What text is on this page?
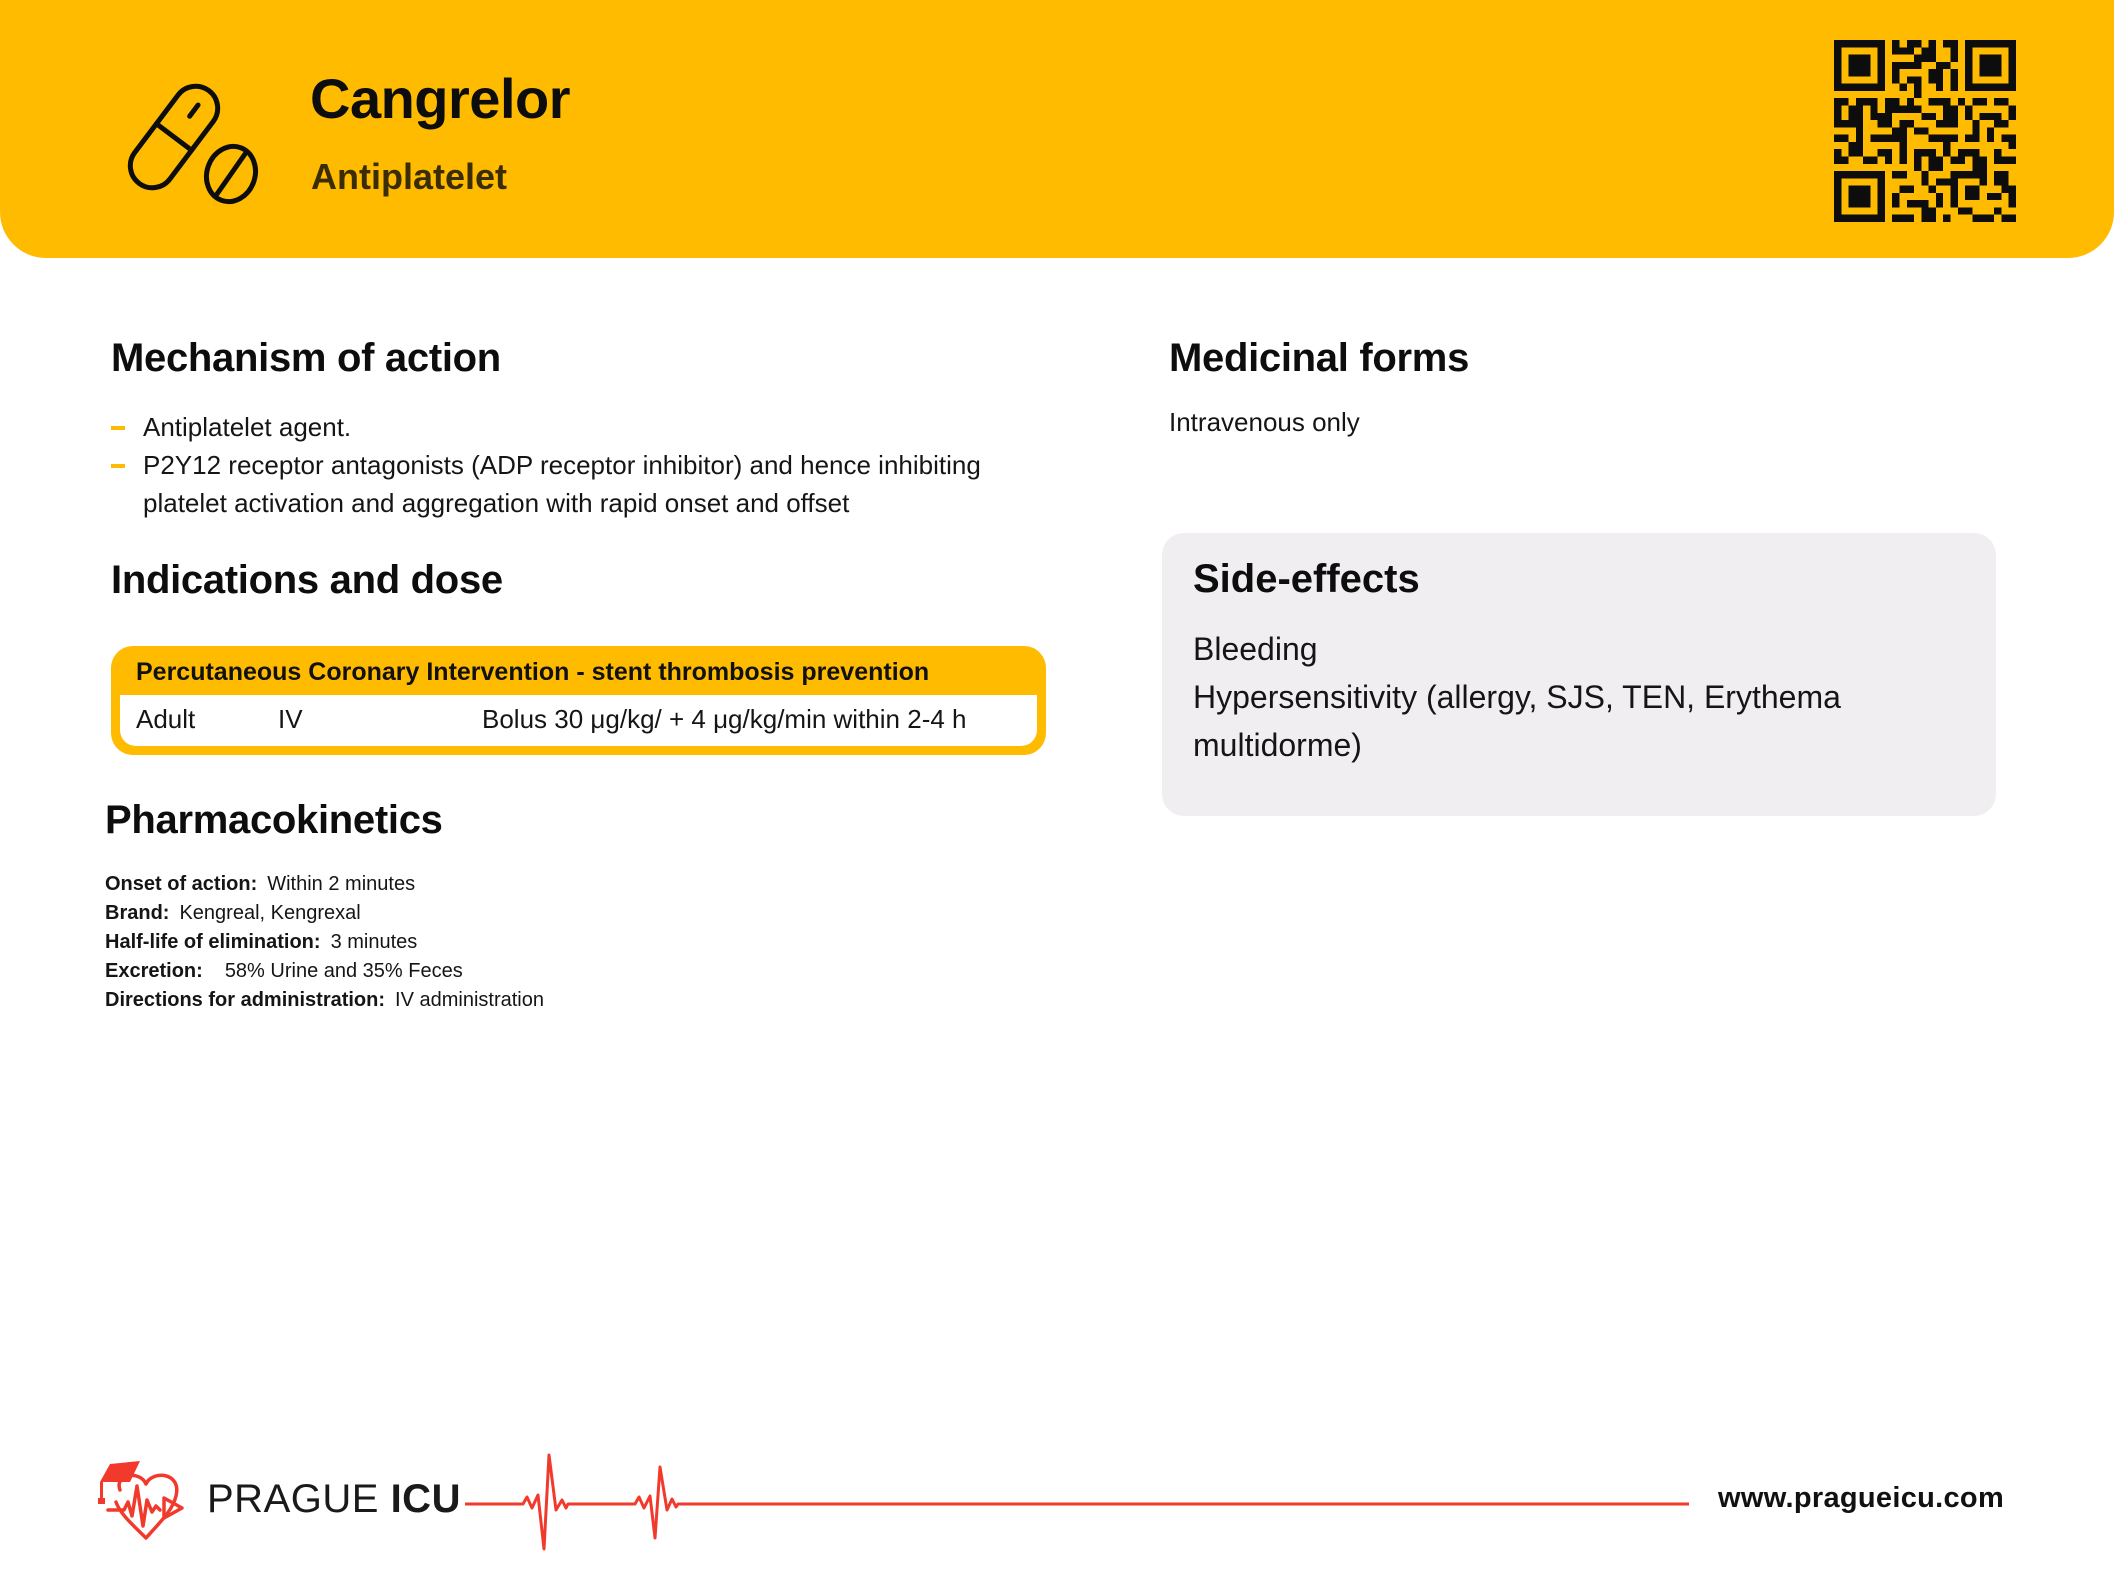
Cangrelor
Antiplatelet
Mechanism of action
Antiplatelet agent.
P2Y12 receptor antagonists (ADP receptor inhibitor) and hence inhibiting platelet activation and aggregation with rapid onset and offset
Indications and dose
Percutaneous Coronary Intervention - stent thrombosis prevention
Adult	IV	Bolus 30 μg/kg/ + 4 μg/kg/min within 2-4 h
Pharmacokinetics
Onset of action: Within 2 minutes
Brand: Kengreal, Kengrexal
Half-life of elimination: 3 minutes
Excretion: 58% Urine and 35% Feces
Directions for administration: IV administration
Medicinal forms
Intravenous only
Side-effects
Bleeding
Hypersensitivity (allergy, SJS, TEN, Erythema multidorme)
PRAGUE ICU	www.pragueicu.com
